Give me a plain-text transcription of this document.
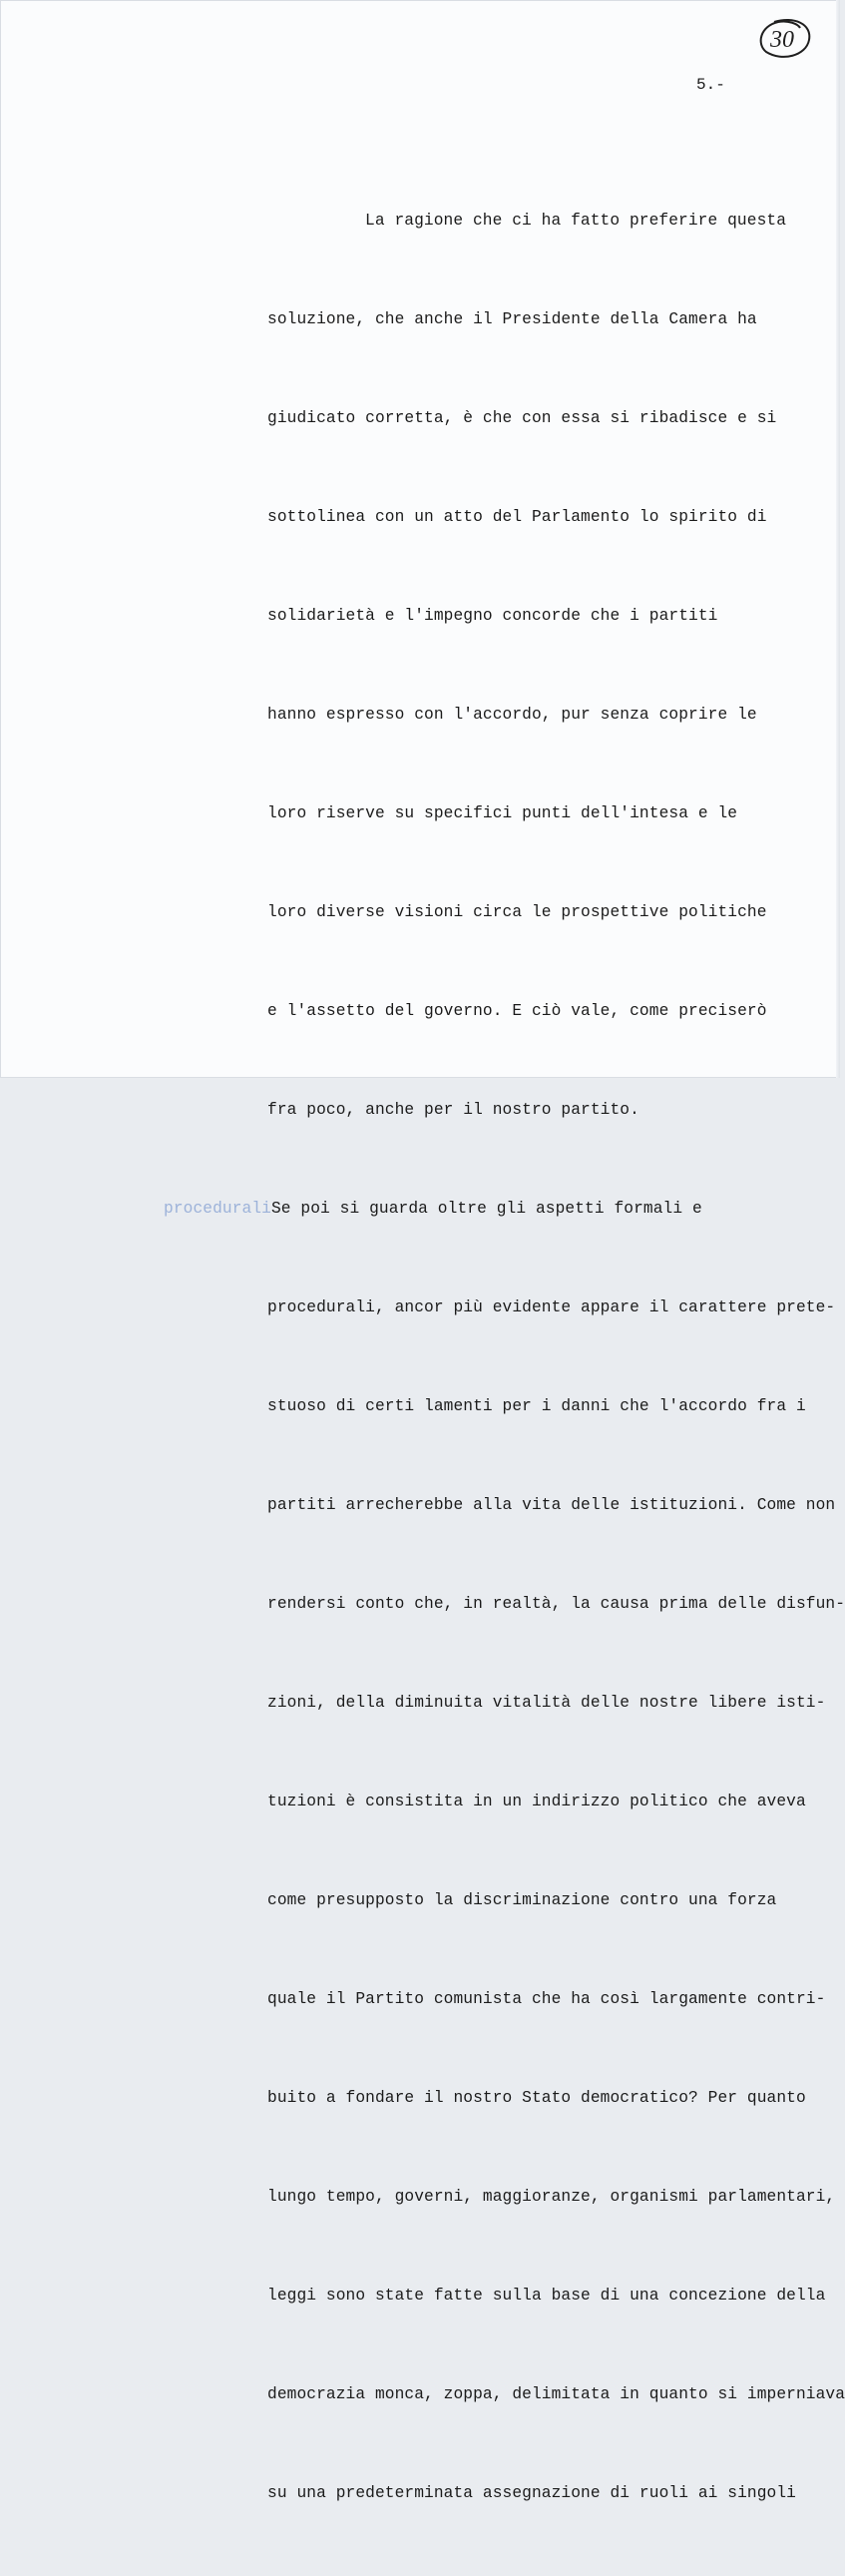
30
5.-

La ragione che ci ha fatto preferire questa

soluzione, che anche il Presidente della Camera ha

giudicato corretta, è che con essa si ribadisce e si

sottolinea con un atto del Parlamento lo spirito di

solidarietà e l'impegno concorde che i partiti

hanno espresso con l'accordo, pur senza coprire le

loro riserve su specifici punti dell'intesa e le

loro diverse visioni circa le prospettive politiche

e l'assetto del governo. E ciò vale, come preciserò

fra poco, anche per il nostro partito.

proceduraliSe poi si guarda oltre gli aspetti formali e

procedurali, ancor più evidente appare il carattere prete-

stuoso di certi lamenti per i danni che l'accordo fra i

partiti arrecherebbe alla vita delle istituzioni. Come non

rendersi conto che, in realtà, la causa prima delle disfun-

zioni, della diminuita vitalità delle nostre libere isti-

tuzioni è consistita in un indirizzo politico che aveva

come presupposto la discriminazione contro una forza

quale il Partito comunista che ha così largamente contri-

buito a fondare il nostro Stato democratico? Per quanto

lungo tempo, governi, maggioranze, organismi parlamentari,

leggi sono state fatte sulla base di una concezione della

democrazia monca, zoppa, delimitata in quanto si imperniava

su una predeterminata assegnazione di ruoli ai singoli
